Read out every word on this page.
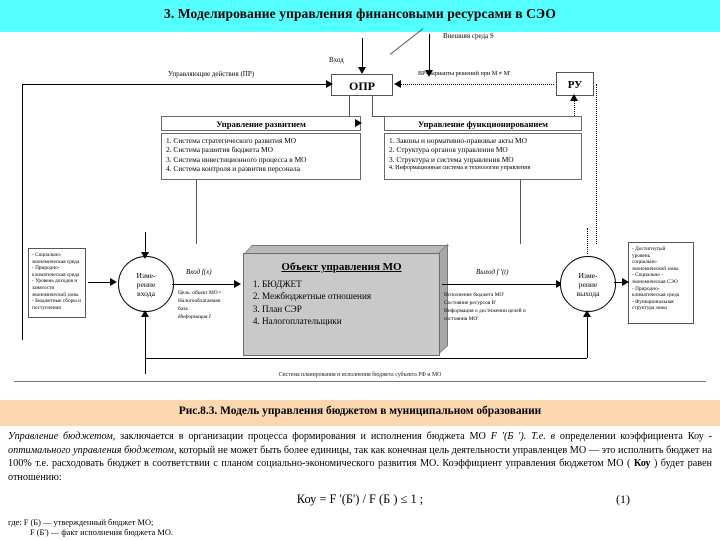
3. Моделирование управления финансовыми ресурсами в СЭО
Внешняя среда S
Вход
ОПР	РУ
ВР- варианты решений при М ≠ М'
Управляющие действия (ПР)
Управление развитием
1. Система стратегического развития МО
2. Система развития бюджета МО
3. Система инвестиционного процесса в МО
4. Система контроля и развития персонала
Управление функционированием
1. Законы и нормативно-правовые акты МО
2. Структура органов управления МО
3. Структура и система управления МО
4. Информационная система и технологии управления
Объект управления МО
1. БЮДЖЕТ
2. Межбюджетные отношения
3. План СЭР
4. Налогоплательщики
- Социально-
экономическая среда
- Природно-
климатическая среда
- Уровень доходов и
занятости
экономической зоны
- Бюджетные сборы и
поступления
Изме-
рение
входа
Вход f(x)
Цель: объект МО •
Налогооблагаемая
база
Информация I
Выход f '(t)
Исполнение бюджета МО'
Состояние ресурсов R'
Информация о достижении целей и
состояния МО'
Изме-
рение
выхода
- Достигнутый
уровень
социально-
экономической зоны
- Социально -
экономическая СЭО
- Природно-
климатическая среда
- Функциональная
структура зоны
Система планирования и исполнения бюджета субъекта РФ и МО
Рис.8.3. Модель управления бюджетом в муниципальном образовании
Управление бюджетом, заключается в организации процесса формирования и исполнения бюджета МО F '(Б '). Т.е. в определении коэффициента Коу - оптимального управления бюджетом, который не может быть более единицы, так как конечная цель деятельности управленцев МО — это исполнить бюджет на 100% т.е. расходовать бюджет в соответствии с планом социально-экономического развития МО. Коэффициент управления бюджетом МО ( Коу ) будет равен отношению:
Коу = F '(Б') / F (Б ) ≤ 1 ;	(1)
где: F (Б) — утвержденный бюджет МО;
F (Б') — факт исполнения бюджета МО.
